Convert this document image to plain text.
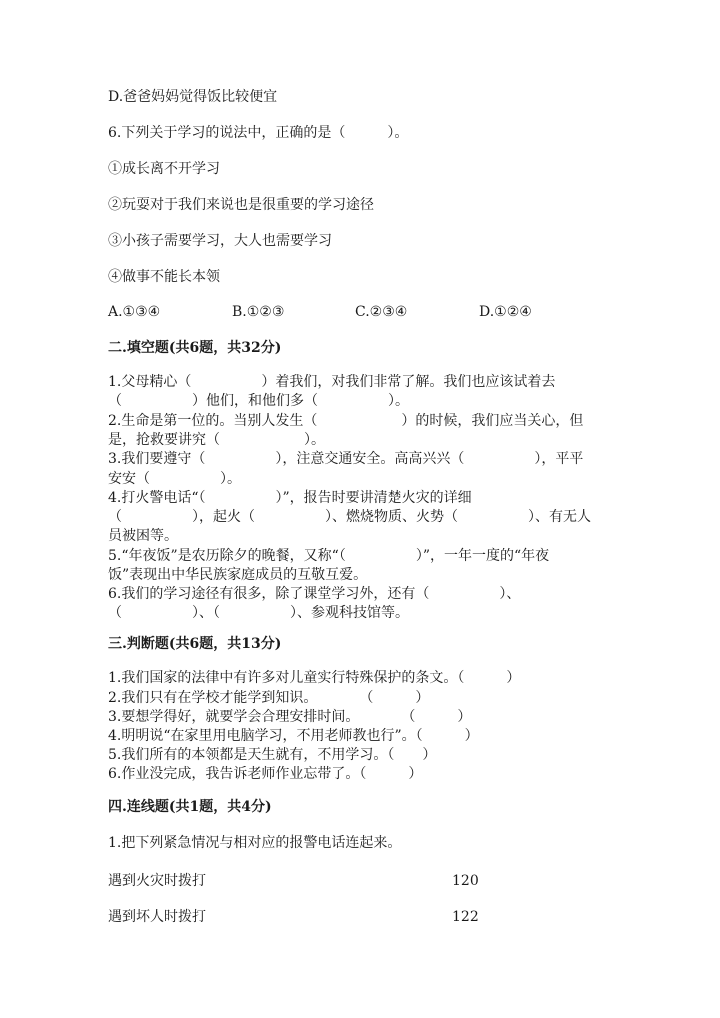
D.爸爸妈妈觉得饭比较便宜
6.下列关于学习的说法中，正确的是（　　　）。
①成长离不开学习
②玩耍对于我们来说也是很重要的学习途径
③小孩子需要学习，大人也需要学习
④做事不能长本领
A.①③④	B.①②③	C.②③④	D.①②④
二.填空题(共6题，共32分)
1.父母精心（　　　　　）着我们，对我们非常了解。我们也应该试着去
（　　　　　）他们，和他们多（　　　　　）。
2.生命是第一位的。当别人发生（　　　　　　）的时候，我们应当关心，但
是，抢救要讲究（　　　　　　）。
3.我们要遵守（　　　　　），注意交通安全。高高兴兴（　　　　　），平平
安安（　　　　　）。
4.打火警电话“（　　　　　）”，报告时要讲清楚火灾的详细
（　　　　　），起火（　　　　　）、燃烧物质、火势（　　　　　）、有无人
员被困等。
5.“年夜饭”是农历除夕的晚餐，又称“（　　　　　）”，一年一度的“年夜
饭”表现出中华民族家庭成员的互敬互爱。
6.我们的学习途径有很多，除了课堂学习外，还有（　　　　　）、
（　　　　　）、（　　　　　）、参观科技馆等。
三.判断题(共6题，共13分)
1.我们国家的法律中有许多对儿童实行特殊保护的条文。（　　　）
2.我们只有在学校才能学到知识。　　　　（　　　）
3.要想学得好，就要学会合理安排时间。　　　　（　　　）
4.明明说“在家里用电脑学习，不用老师教也行”。（　　　）
5.我们所有的本领都是天生就有，不用学习。（　　）
6.作业没完成，我告诉老师作业忘带了。（　　　）
四.连线题(共1题，共4分)
1.把下列紧急情况与相对应的报警电话连起来。
遇到火灾时拨打	120
遇到坏人时拨打	122
